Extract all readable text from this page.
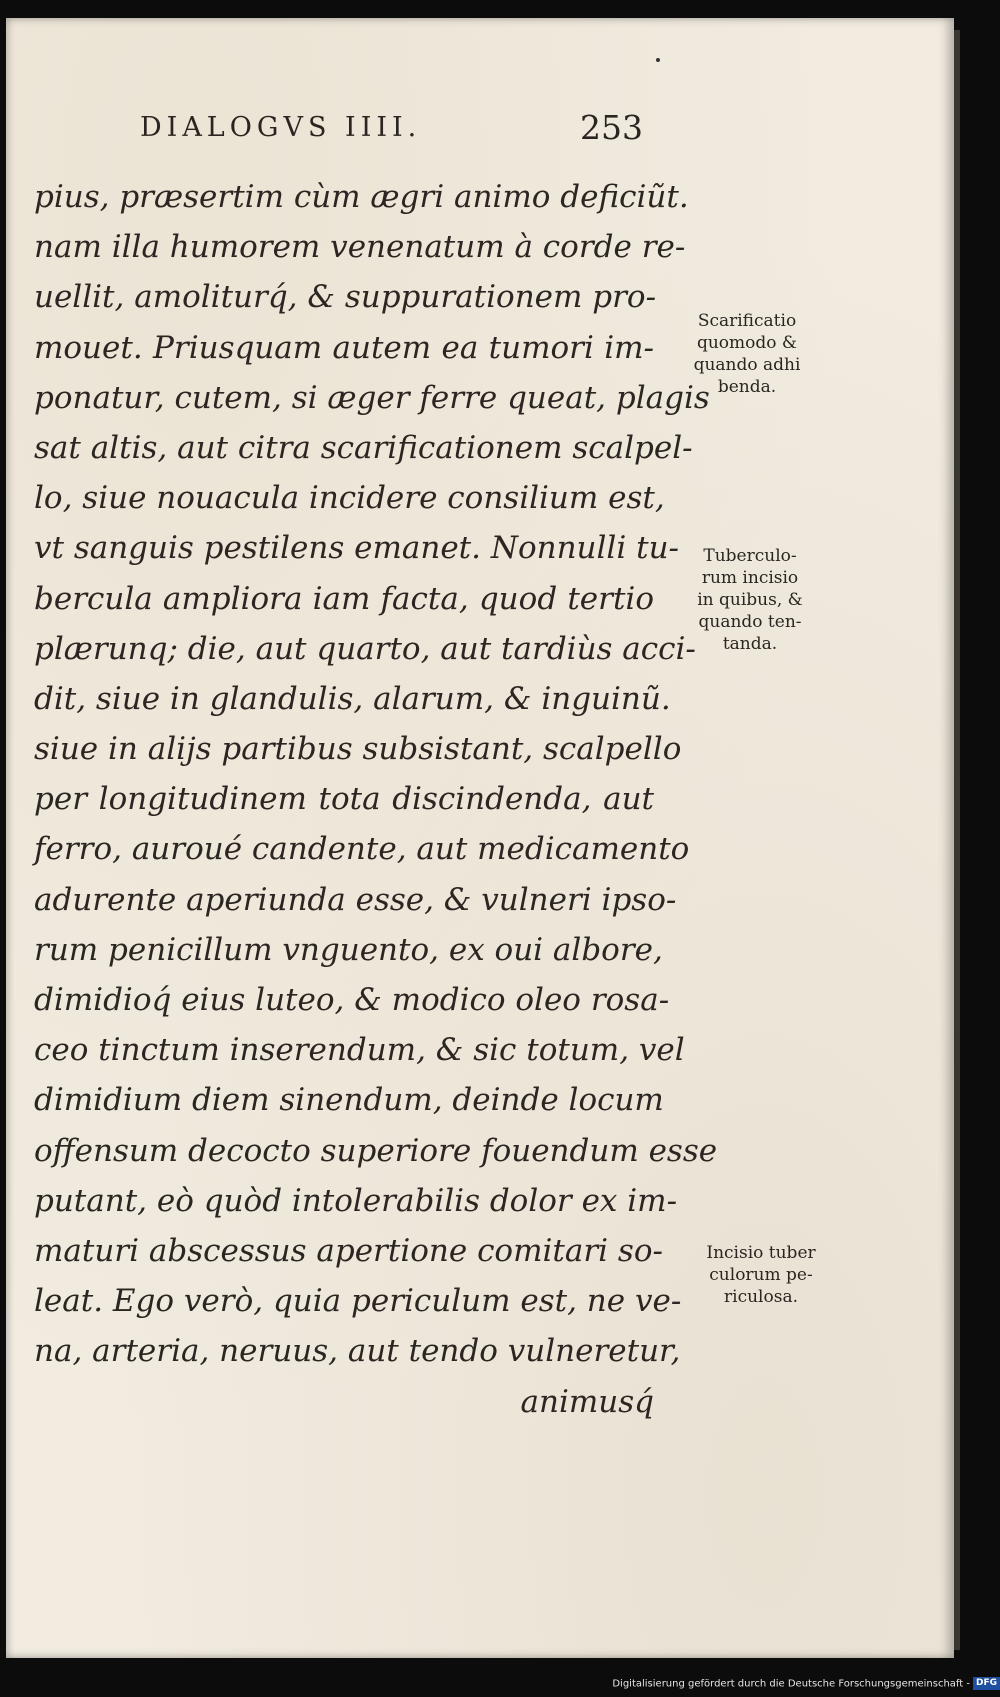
DIALOGVS IIII.	253
pius, præsertim cùm ægri animo deficiũt.
nam illa humorem venenatum à corde re-
uellit, amoliturq́, & suppurationem pro-
mouet. Priusquam autem ea tumori im-
ponatur, cutem, si æger ferre queat, plagis
sat altis, aut citra scarificationem scalpel-
lo, siue nouacula incidere consilium est,
vt sanguis pestilens emanet. Nonnulli tu-
bercula ampliora iam facta, quod tertio
plærunq; die, aut quarto, aut tardiùs acci-
dit, siue in glandulis, alarum, & inguinũ.
siue in alijs partibus subsistant, scalpello
per longitudinem tota discindenda, aut
ferro, auroué candente, aut medicamento
adurente aperiunda esse, & vulneri ipso-
rum penicillum vnguento, ex oui albore,
dimidioq́ eius luteo, & modico oleo rosa-
ceo tinctum inserendum, & sic totum, vel
dimidium diem sinendum, deinde locum
offensum decocto superiore fouendum esse
putant, eò quòd intolerabilis dolor ex im-
maturi abscessus apertione comitari so-
leat. Ego verò, quia periculum est, ne ve-
na, arteria, neruus, aut tendo vulneretur,
animusq́
Scarificatio
quomodo &
quando adhi
benda.
Tuberculo-
rum incisio
in quibus, &
quando ten-
tanda.
Incisio tuber
culorum pe-
riculosa.
Digitalisierung gefördert durch die Deutsche Forschungsgemeinschaft - DFG
